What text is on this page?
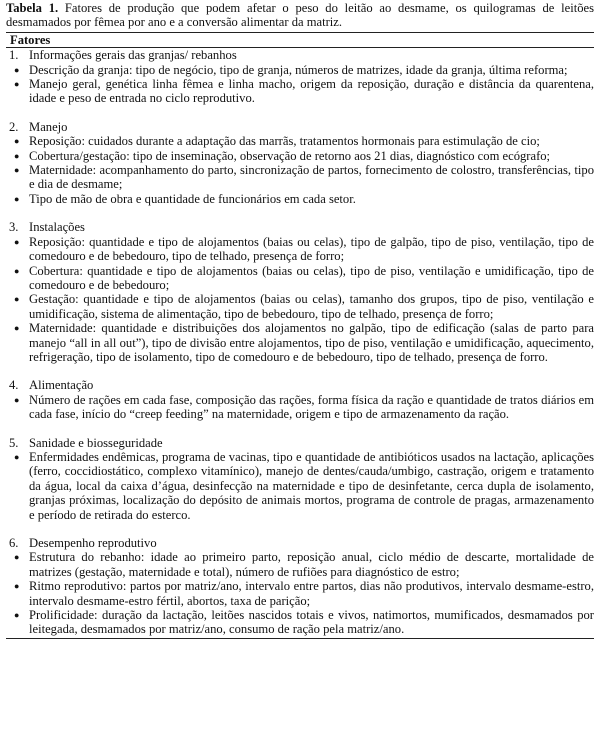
Tabela 1. Fatores de produção que podem afetar o peso do leitão ao desmame, os quilogramas de leitões desmamados por fêmea por ano e a conversão alimentar da matriz.

Fatores
1. Informações gerais das granjas/ rebanhos
● Descrição da granja: tipo de negócio, tipo de granja, números de matrizes, idade da granja, última reforma;
● Manejo geral, genética linha fêmea e linha macho, origem da reposição, duração e distância da quarentena, idade e peso de entrada no ciclo reprodutivo.
2. Manejo
● Reposição: cuidados durante a adaptação das marrãs, tratamentos hormonais para estimulação de cio;
● Cobertura/gestação: tipo de inseminação, observação de retorno aos 21 dias, diagnóstico com ecógrafo;
● Maternidade: acompanhamento do parto, sincronização de partos, fornecimento de colostro, transferências, tipo e dia de desmame;
● Tipo de mão de obra e quantidade de funcionários em cada setor.
3. Instalações
● Reposição: quantidade e tipo de alojamentos (baias ou celas), tipo de galpão, tipo de piso, ventilação, tipo de comedouro e de bebedouro, tipo de telhado, presença de forro;
● Cobertura: quantidade e tipo de alojamentos (baias ou celas), tipo de piso, ventilação e umidificação, tipo de comedouro e de bebedouro;
● Gestação: quantidade e tipo de alojamentos (baias ou celas), tamanho dos grupos, tipo de piso, ventilação e umidificação, sistema de alimentação, tipo de bebedouro, tipo de telhado, presença de forro;
● Maternidade: quantidade e distribuições dos alojamentos no galpão, tipo de edificação (salas de parto para manejo “all in all out”), tipo de divisão entre alojamentos, tipo de piso, ventilação e umidificação, aquecimento, refrigeração, tipo de isolamento, tipo de comedouro e de bebedouro, tipo de telhado, presença de forro.
4. Alimentação
● Número de rações em cada fase, composição das rações, forma física da ração e quantidade de tratos diários em cada fase, início do “creep feeding” na maternidade, origem e tipo de armazenamento da ração.
5. Sanidade e biosseguridade
● Enfermidades endêmicas, programa de vacinas, tipo e quantidade de antibióticos usados na lactação, aplicações (ferro, coccidiostático, complexo vitamínico), manejo de dentes/cauda/umbigo, castração, origem e tratamento da água, local da caixa d’água, desinfecção na maternidade e tipo de desinfetante, cerca dupla de isolamento, granjas próximas, localização do depósito de animais mortos, programa de controle de pragas, armazenamento e período de retirada do esterco.
6. Desempenho reprodutivo
● Estrutura do rebanho: idade ao primeiro parto, reposição anual, ciclo médio de descarte, mortalidade de matrizes (gestação, maternidade e total), número de rufiões para diagnóstico de estro;
● Ritmo reprodutivo: partos por matriz/ano, intervalo entre partos, dias não produtivos, intervalo desmame-estro, intervalo desmame-estro fértil, abortos, taxa de parição;
● Prolificidade: duração da lactação, leitões nascidos totais e vivos, natimortos, mumificados, desmamados por leitegada, desmamados por matriz/ano, consumo de ração pela matriz/ano.
